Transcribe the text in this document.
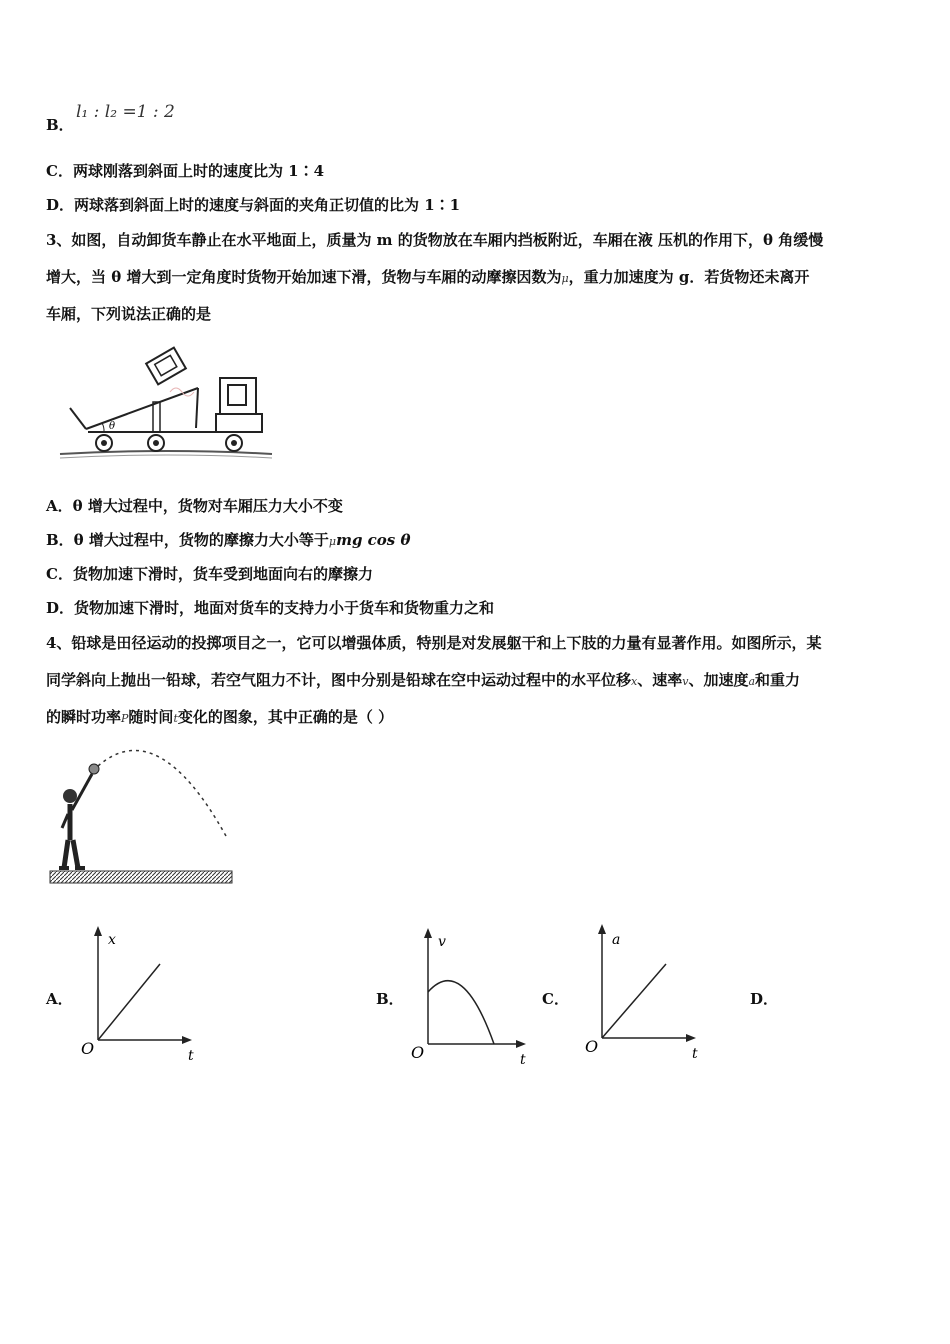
B．
l₁ : l₂ =1 : 2
C．两球刚落到斜面上时的速度比为 1∶4
D．两球落到斜面上时的速度与斜面的夹角正切值的比为 1∶1
3、如图，自动卸货车静止在水平地面上，质量为 m 的货物放在车厢内挡板附近，车厢在液 压机的作用下，θ 角缓慢
增大，当 θ 增大到一定角度时货物开始加速下滑，货物与车厢的动摩擦因数为μ，重力加速度为 g．若货物还未离开
车厢，下列说法正确的是
θ
A．θ 增大过程中，货物对车厢压力大小不变
B．θ 增大过程中，货物的摩擦力大小等于μmg cos θ
C．货物加速下滑时，货车受到地面向右的摩擦力
D．货物加速下滑时，地面对货车的支持力小于货车和货物重力之和
4、铅球是田径运动的投掷项目之一，它可以增强体质，特别是对发展躯干和上下肢的力量有显著作用。如图所示，某
同学斜向上抛出一铅球，若空气阻力不计，图中分别是铅球在空中运动过程中的水平位移x、速率v、加速度a和重力
的瞬时功率P随时间t变化的图象，其中正确的是（ ）
A．
x
t
O
B．
v
t
O
C．
a
t
O
D．
